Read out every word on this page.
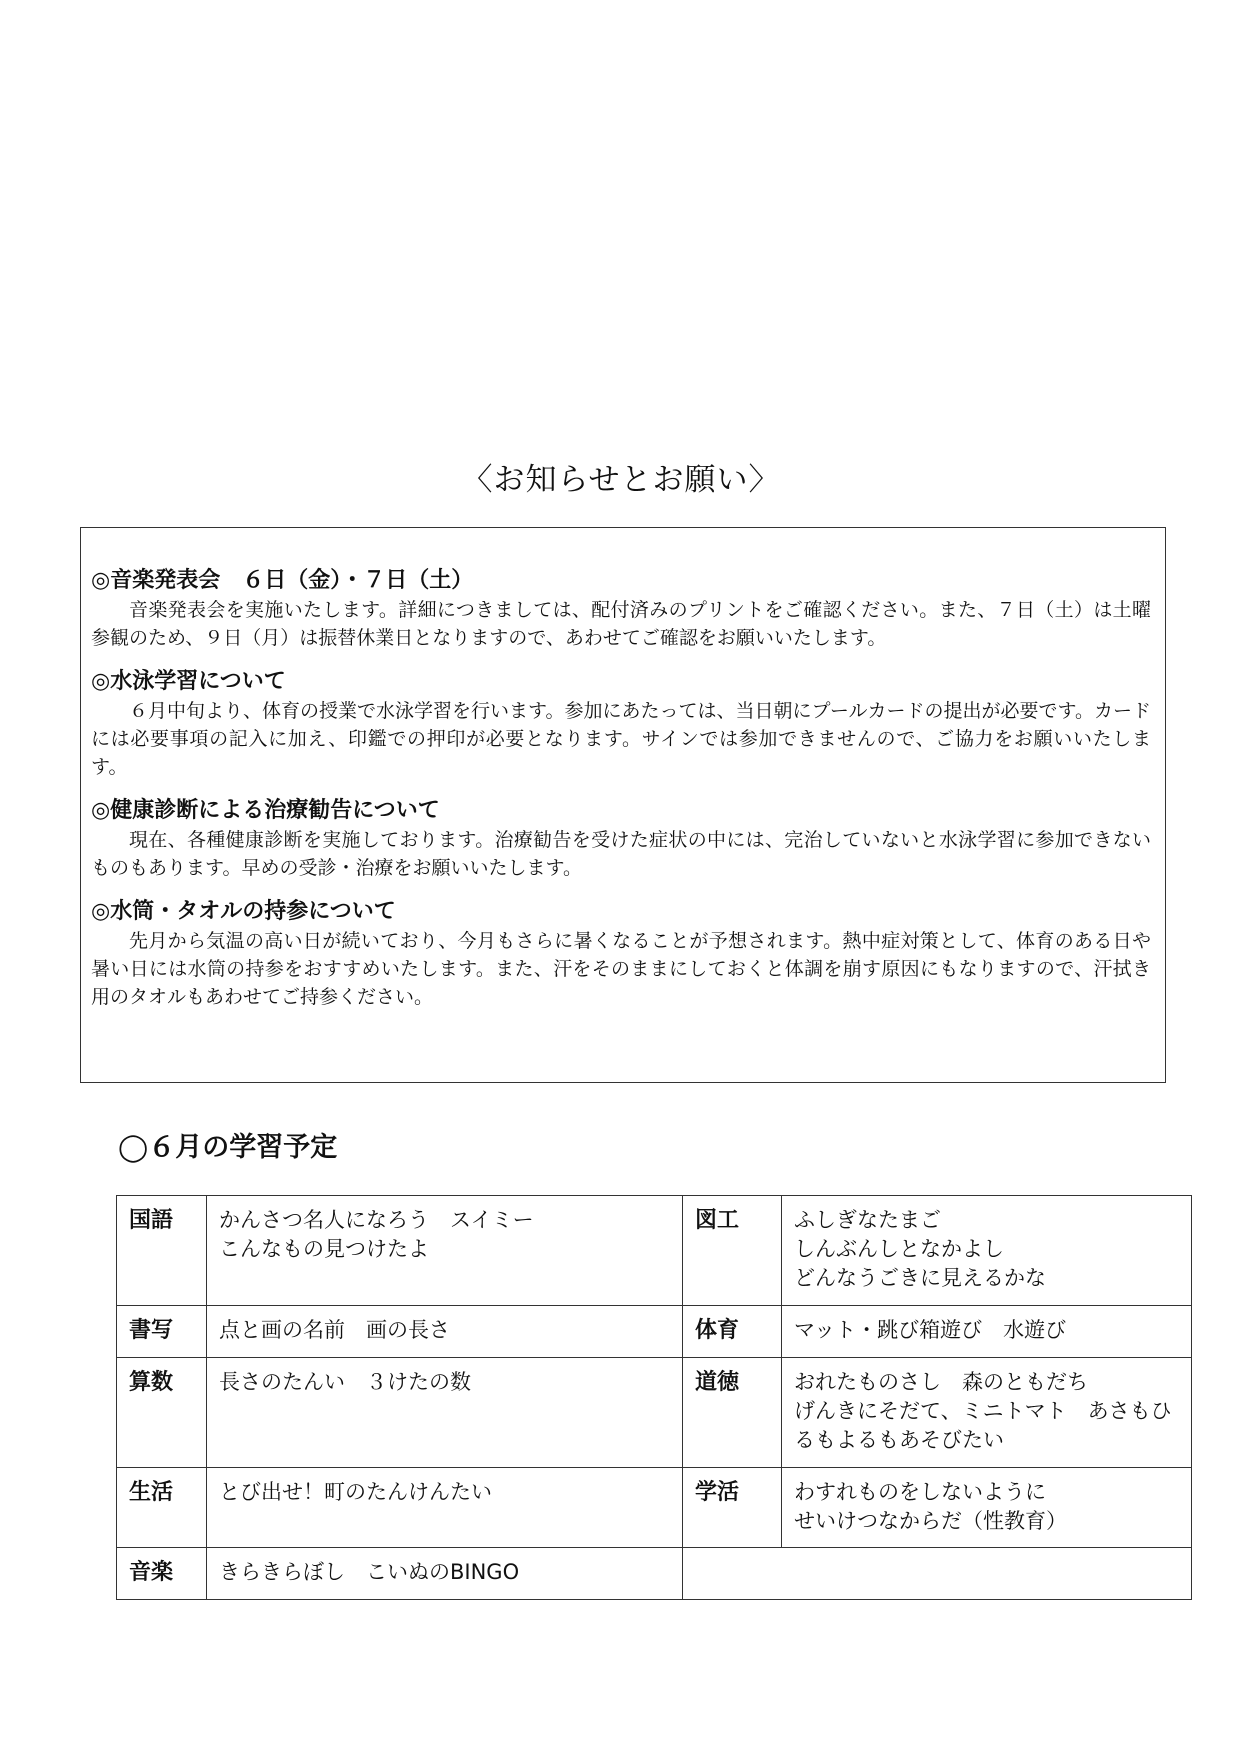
〈お知らせとお願い〉
◎音楽発表会　６日（金）・７日（土）
音楽発表会を実施いたします。詳細につきましては、配付済みのプリントをご確認ください。また、７日（土）は土曜参観のため、９日（月）は振替休業日となりますので、あわせてご確認をお願いいたします。
◎水泳学習について
６月中旬より、体育の授業で水泳学習を行います。参加にあたっては、当日朝にプールカードの提出が必要です。カードには必要事項の記入に加え、印鑑での押印が必要となります。サインでは参加できませんので、ご協力をお願いいたします。
◎健康診断による治療勧告について
現在、各種健康診断を実施しております。治療勧告を受けた症状の中には、完治していないと水泳学習に参加できないものもあります。早めの受診・治療をお願いいたします。
◎水筒・タオルの持参について
先月から気温の高い日が続いており、今月もさらに暑くなることが予想されます。熱中症対策として、体育のある日や暑い日には水筒の持参をおすすめいたします。また、汗をそのままにしておくと体調を崩す原因にもなりますので、汗拭き用のタオルもあわせてご持参ください。
◯６月の学習予定
国語	かんさつ名人になろう　スイミー
こんなもの見つけたよ	図工	ふしぎなたまご
しんぶんしとなかよし
どんなうごきに見えるかな
書写	点と画の名前　画の長さ	体育	マット・跳び箱遊び　水遊び
算数	長さのたんい　３けたの数	道徳	おれたものさし　森のともだち
げんきにそだて、ミニトマト　あさもひるもよるもあそびたい
生活	とび出せ！町のたんけんたい	学活	わすれものをしないように
せいけつなからだ（性教育）
音楽	きらきらぼし　こいぬのBINGO		
